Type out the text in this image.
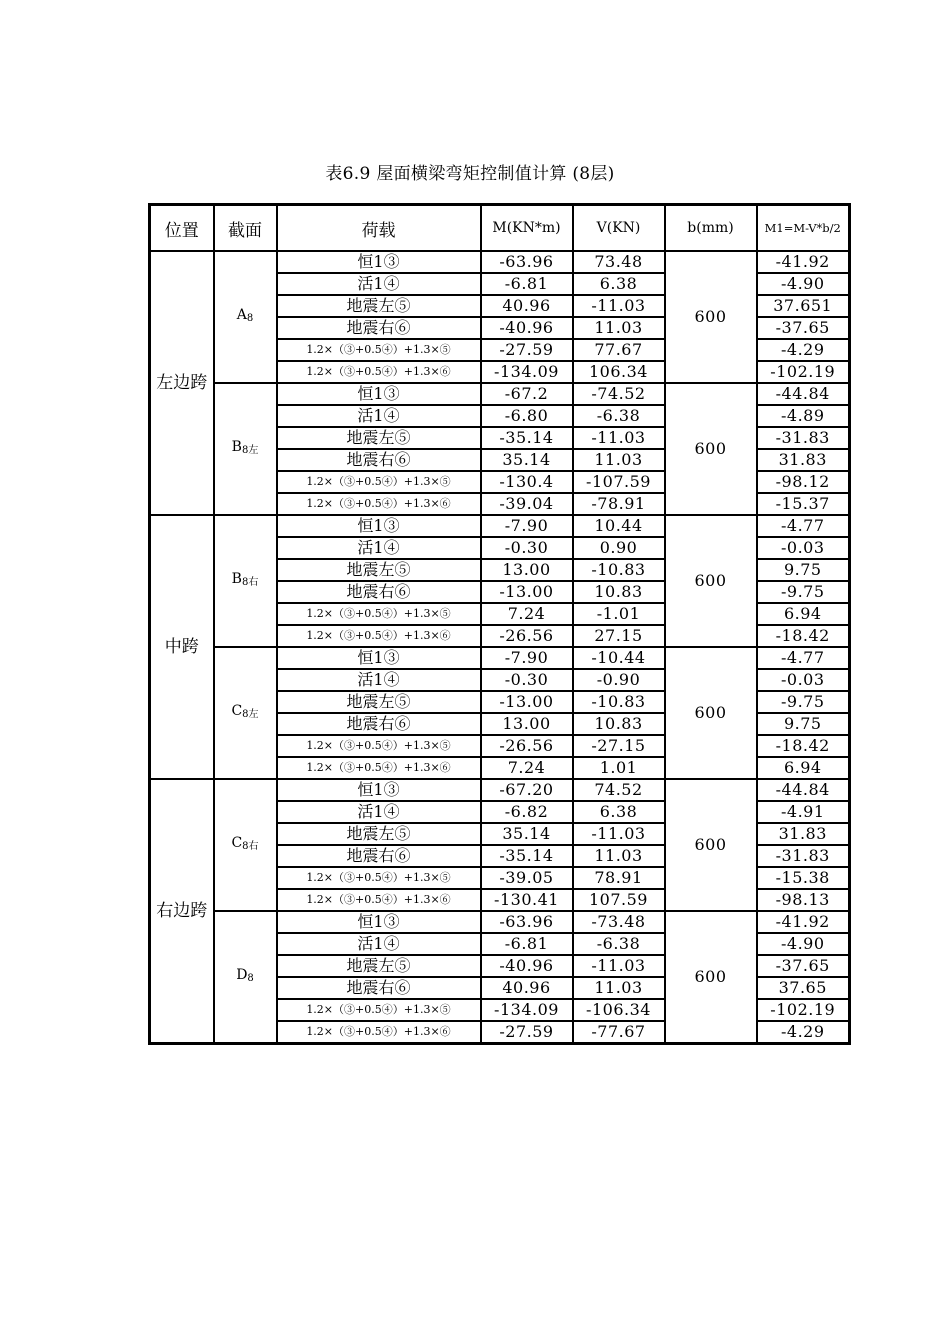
表6.9 屋面横梁弯矩控制值计算 (8层)
位置	截面	荷载	M(KN*m)	V(KN)	b(mm)	M1=M-V*b/2
左边跨	$A_8$	恒1③	-63.96	73.48	600	-41.92
		活1④	-6.81	6.38		-4.90
		地震左⑤	40.96	-11.03		37.651
		地震右⑥	-40.96	11.03		-37.65
		1.2×（③+0.5④）+1.3×⑤	-27.59	77.67		-4.29
		1.2×（③+0.5④）+1.3×⑥	-134.09	106.34		-102.19
	$B_{8左}$	恒1③	-67.2	-74.52	600	-44.84
		活1④	-6.80	-6.38		-4.89
		地震左⑤	-35.14	-11.03		-31.83
		地震右⑥	35.14	11.03		31.83
		1.2×（③+0.5④）+1.3×⑤	-130.4	-107.59		-98.12
		1.2×（③+0.5④）+1.3×⑥	-39.04	-78.91		-15.37
中跨	$B_{8右}$	恒1③	-7.90	10.44	600	-4.77
		活1④	-0.30	0.90		-0.03
		地震左⑤	13.00	-10.83		9.75
		地震右⑥	-13.00	10.83		-9.75
		1.2×（③+0.5④）+1.3×⑤	7.24	-1.01		6.94
		1.2×（③+0.5④）+1.3×⑥	-26.56	27.15		-18.42
	$C_{8左}$	恒1③	-7.90	-10.44	600	-4.77
		活1④	-0.30	-0.90		-0.03
		地震左⑤	-13.00	-10.83		-9.75
		地震右⑥	13.00	10.83		9.75
		1.2×（③+0.5④）+1.3×⑤	-26.56	-27.15		-18.42
		1.2×（③+0.5④）+1.3×⑥	7.24	1.01		6.94
右边跨	$C_{8右}$	恒1③	-67.20	74.52	600	-44.84
		活1④	-6.82	6.38		-4.91
		地震左⑤	35.14	-11.03		31.83
		地震右⑥	-35.14	11.03		-31.83
		1.2×（③+0.5④）+1.3×⑤	-39.05	78.91		-15.38
		1.2×（③+0.5④）+1.3×⑥	-130.41	107.59		-98.13
	$D_8$	恒1③	-63.96	-73.48	600	-41.92
		活1④	-6.81	-6.38		-4.90
		地震左⑤	-40.96	-11.03		-37.65
		地震右⑥	40.96	11.03		37.65
		1.2×（③+0.5④）+1.3×⑤	-134.09	-106.34		-102.19
		1.2×（③+0.5④）+1.3×⑥	-27.59	-77.67		-4.29
